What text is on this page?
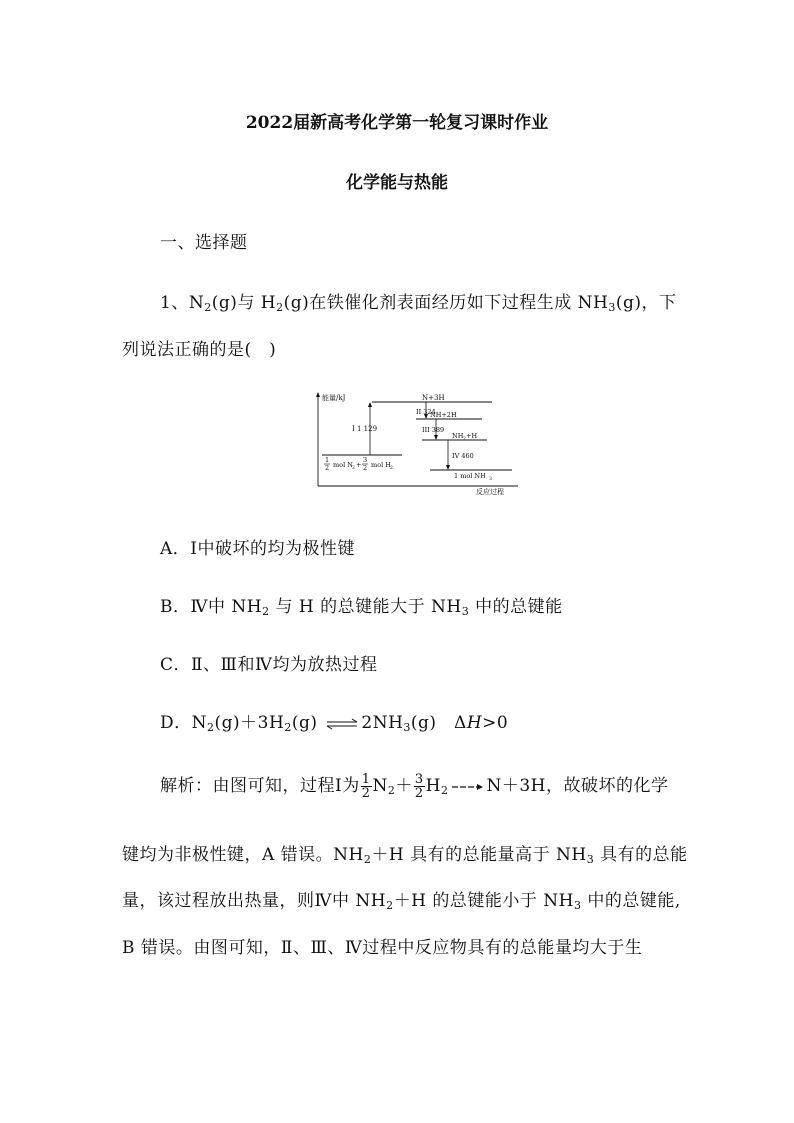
2022届新高考化学第一轮复习课时作业
化学能与热能
一、选择题
1、$N_2(g)$与 $H_2(g)$在铁催化剂表面经历如下过程生成 $NH_3(g)$，下
列说法正确的是(　)
能量/kJ
反应过程
N+3H
1
2 mol N 2 +
3
2 mol H 2
I 1 129
II 324
NH+2H
III 389
NH 2 +H
IV 460
1 mol NH 3
A．Ⅰ中破坏的均为极性键
B．Ⅳ中 $NH_2$ 与 H 的总键能大于 $NH_3$ 中的总键能
C．Ⅱ、Ⅲ和Ⅳ均为放热过程
D．$N_2(g)+3H_2(g)$ ⇌ $2NH_3(g)$　ΔH>0
解析：由图可知，过程Ⅰ为 $\frac{1}{2} N_2+ \frac{3}{2} H_2 \to N+3H$，故破坏的化学
键均为非极性键，A 错误。$NH_2+H$ 具有的总能量高于 $NH_3$ 具有的总能
量，该过程放出热量，则Ⅳ中 $NH_2+H$ 的总键能小于 $NH_3$ 中的总键能,
B 错误。由图可知，Ⅱ、Ⅲ、Ⅳ过程中反应物具有的总能量均大于生
